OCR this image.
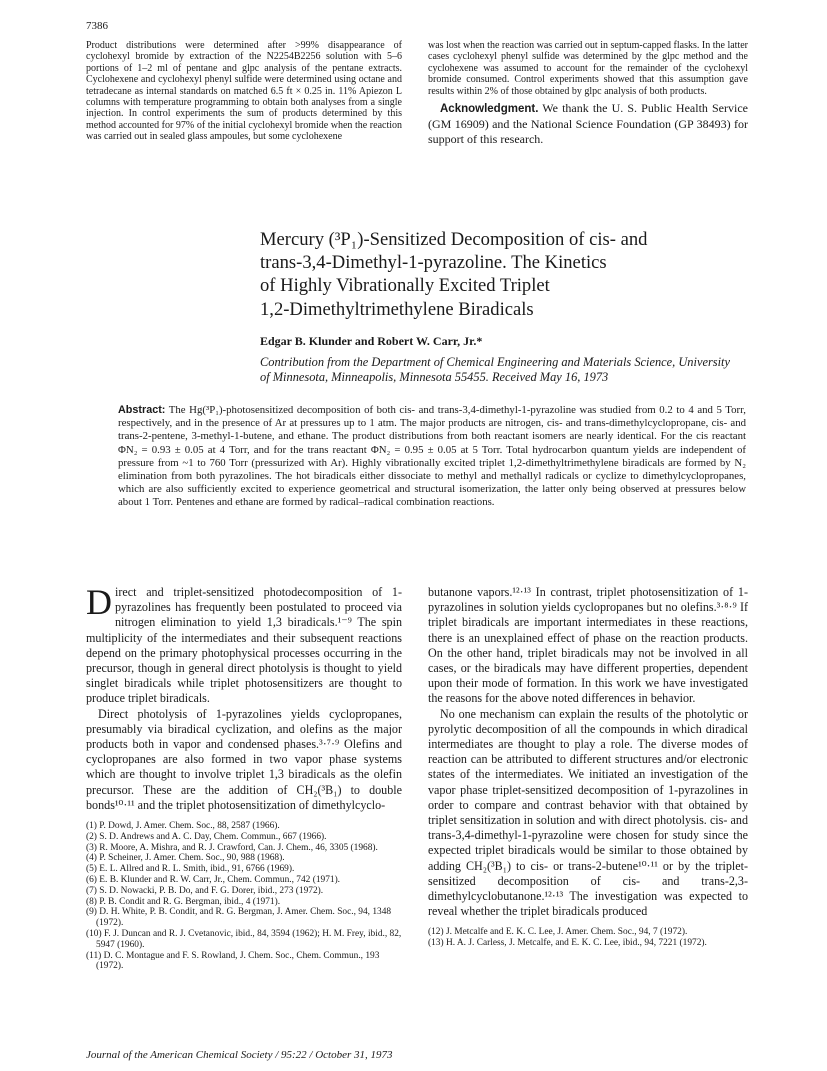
7386
Product distributions were determined after >99% disappearance of cyclohexyl bromide by extraction of the N2254B2256 solution with 5–6 portions of 1–2 ml of pentane and glpc analysis of the pentane extracts. Cyclohexene and cyclohexyl phenyl sulfide were determined using octane and tetradecane as internal standards on matched 6.5 ft × 0.25 in. 11% Apiezon L columns with temperature programming to obtain both analyses from a single injection. In control experiments the sum of products determined by this method accounted for 97% of the initial cyclohexyl bromide when the reaction was carried out in sealed glass ampoules, but some cyclohexene
was lost when the reaction was carried out in septum-capped flasks. In the latter cases cyclohexyl phenyl sulfide was determined by the glpc method and the cyclohexene was assumed to account for the remainder of the cyclohexyl bromide consumed. Control experiments showed that this assumption gave results within 2% of those obtained by glpc analysis of both products.
Acknowledgment. We thank the U. S. Public Health Service (GM 16909) and the National Science Foundation (GP 38493) for support of this research.

Mercury (³P₁)-Sensitized Decomposition of cis- and

trans-3,4-Dimethyl-1-pyrazoline. The Kinetics

of Highly Vibrationally Excited Triplet

1,2-Dimethyltrimethylene Biradicals

Edgar B. Klunder and Robert W. Carr, Jr.*
Contribution from the Department of Chemical Engineering and Materials Science, University of Minnesota, Minneapolis, Minnesota 55455. Received May 16, 1973
Abstract: The Hg(³P₁)-photosensitized decomposition of both cis- and trans-3,4-dimethyl-1-pyrazoline was studied from 0.2 to 4 and 5 Torr, respectively, and in the presence of Ar at pressures up to 1 atm. The major products are nitrogen, cis- and trans-dimethylcyclopropane, cis- and trans-2-pentene, 3-methyl-1-butene, and ethane. The product distributions from both reactant isomers are nearly identical. For the cis reactant ΦN₂ = 0.93 ± 0.05 at 4 Torr, and for the trans reactant ΦN₂ = 0.95 ± 0.05 at 5 Torr. Total hydrocarbon quantum yields are independent of pressure from ~1 to 760 Torr (pressurized with Ar). Highly vibrationally excited triplet 1,2-dimethyltrimethylene biradicals are formed by N₂ elimination from both pyrazolines. The hot biradicals either dissociate to methyl and methallyl radicals or cyclize to dimethylcyclopropanes, which are also sufficiently excited to experience geometrical and structural isomerization, the latter only being observed at pressures below about 1 Torr. Pentenes and ethane are formed by radical–radical combination reactions.

Direct and triplet-sensitized photodecomposition of 1-pyrazolines has frequently been postulated to proceed via nitrogen elimination to yield 1,3 biradicals.¹⁻⁹ The spin multiplicity of the intermediates and their subsequent reactions depend on the primary photophysical processes occurring in the precursor, though in general direct photolysis is thought to yield singlet biradicals while triplet photosensitizers are thought to produce triplet biradicals.

Direct photolysis of 1-pyrazolines yields cyclopropanes, presumably via biradical cyclization, and olefins as the major products both in vapor and condensed phases.³·⁷·⁹ Olefins and cyclopropanes are also formed in two vapor phase systems which are thought to involve triplet 1,3 biradicals as the olefin precursor. These are the addition of CH₂(³B₁) to double bonds¹⁰·¹¹ and the triplet photosensitization of dimethylcyclo-

(1) P. Dowd, J. Amer. Chem. Soc., 88, 2587 (1966).
(2) S. D. Andrews and A. C. Day, Chem. Commun., 667 (1966).
(3) R. Moore, A. Mishra, and R. J. Crawford, Can. J. Chem., 46, 3305 (1968).
(4) P. Scheiner, J. Amer. Chem. Soc., 90, 988 (1968).
(5) E. L. Allred and R. L. Smith, ibid., 91, 6766 (1969).
(6) E. B. Klunder and R. W. Carr, Jr., Chem. Commun., 742 (1971).
(7) S. D. Nowacki, P. B. Do, and F. G. Dorer, ibid., 273 (1972).
(8) P. B. Condit and R. G. Bergman, ibid., 4 (1971).
(9) D. H. White, P. B. Condit, and R. G. Bergman, J. Amer. Chem. Soc., 94, 1348 (1972).
(10) F. J. Duncan and R. J. Cvetanovic, ibid., 84, 3594 (1962); H. M. Frey, ibid., 82, 5947 (1960).
(11) D. C. Montague and F. S. Rowland, J. Chem. Soc., Chem. Commun., 193 (1972).

butanone vapors.¹²·¹³ In contrast, triplet photosensitization of 1-pyrazolines in solution yields cyclopropanes but no olefins.³·⁸·⁹ If triplet biradicals are important intermediates in these reactions, there is an unexplained effect of phase on the reaction products. On the other hand, triplet biradicals may not be involved in all cases, or the biradicals may have different properties, dependent upon their mode of formation. In this work we have investigated the reasons for the above noted differences in behavior.

No one mechanism can explain the results of the photolytic or pyrolytic decomposition of all the compounds in which diradical intermediates are thought to play a role. The diverse modes of reaction can be attributed to different structures and/or electronic states of the intermediates. We initiated an investigation of the vapor phase triplet-sensitized decomposition of 1-pyrazolines in order to compare and contrast behavior with that obtained by triplet sensitization in solution and with direct photolysis. cis- and trans-3,4-dimethyl-1-pyrazoline were chosen for study since the expected triplet biradicals would be similar to those obtained by adding CH₂(³B₁) to cis- or trans-2-butene¹⁰·¹¹ or by the triplet-sensitized decomposition of cis- and trans-2,3-dimethylcyclobutanone.¹²·¹³ The investigation was expected to reveal whether the triplet biradicals produced

(12) J. Metcalfe and E. K. C. Lee, J. Amer. Chem. Soc., 94, 7 (1972).
(13) H. A. J. Carless, J. Metcalfe, and E. K. C. Lee, ibid., 94, 7221 (1972).
Journal of the American Chemical Society / 95:22 / October 31, 1973
